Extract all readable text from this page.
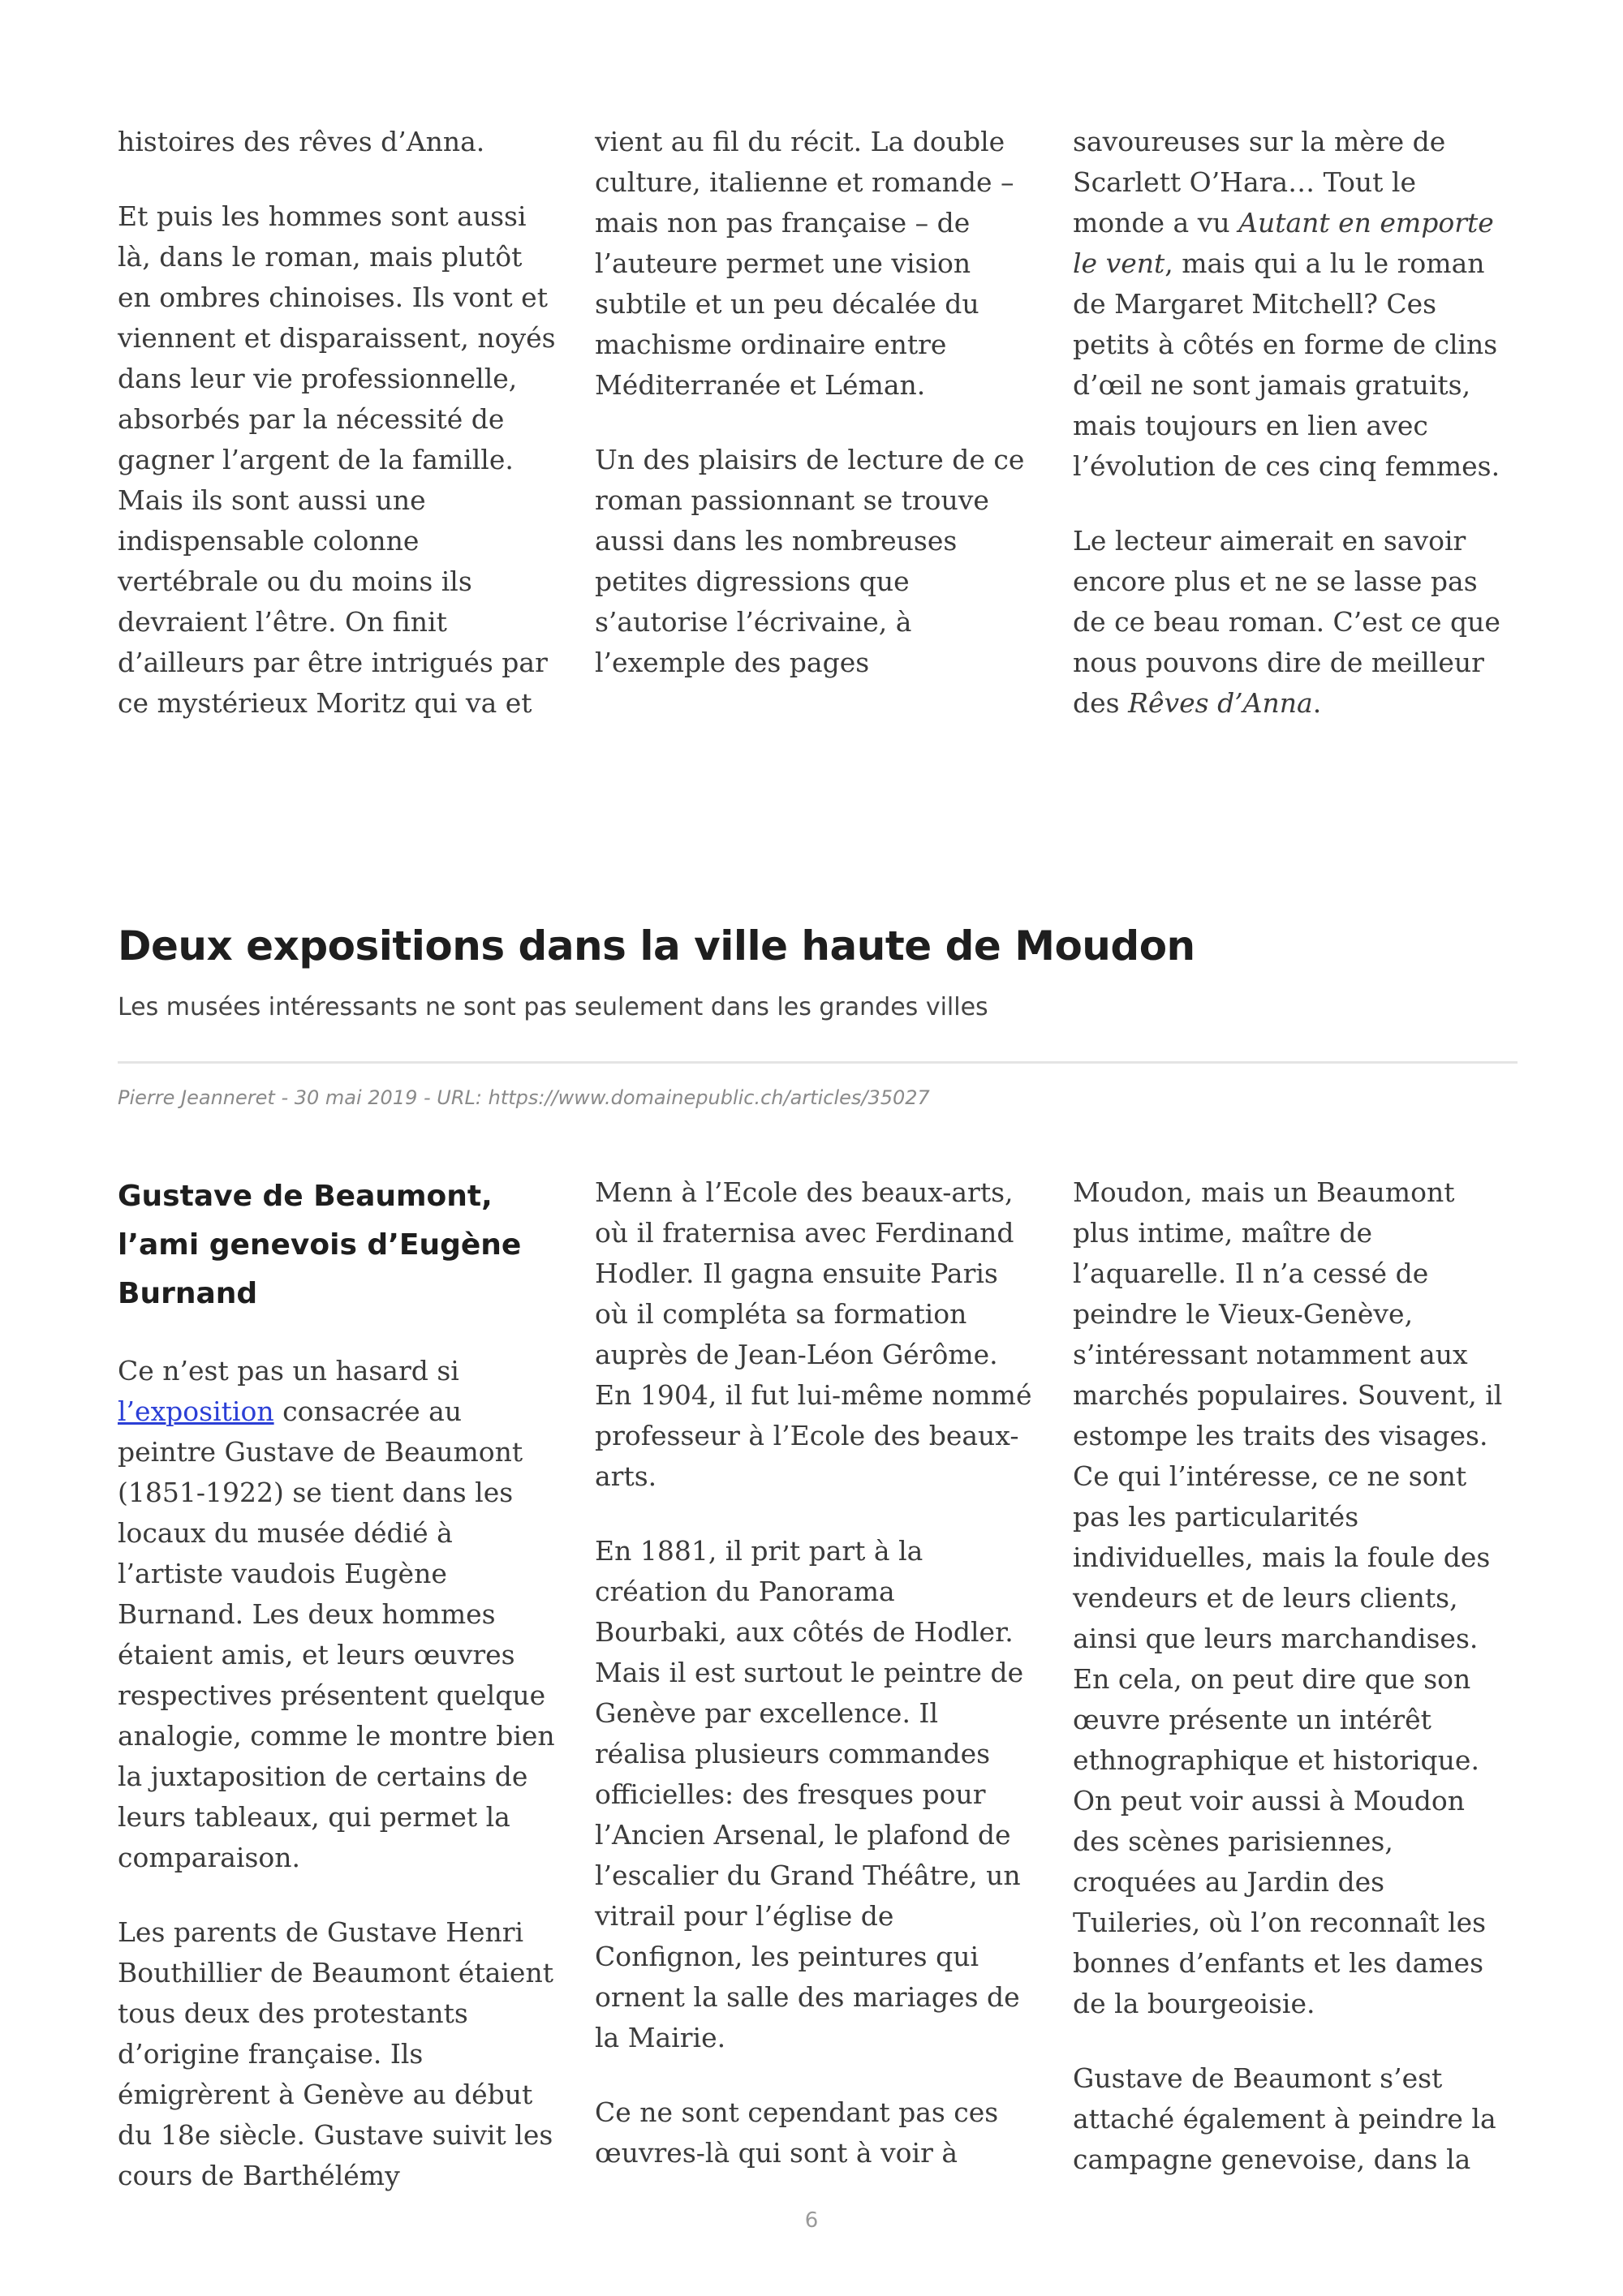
histoires des rêves d’Anna.

Et puis les hommes sont aussi là, dans le roman, mais plutôt en ombres chinoises. Ils vont et viennent et disparaissent, noyés dans leur vie professionnelle, absorbés par la nécessité de gagner l’argent de la famille. Mais ils sont aussi une indispensable colonne vertébrale ou du moins ils devraient l’être. On finit d’ailleurs par être intrigués par ce mystérieux Moritz qui va et

vient au fil du récit. La double culture, italienne et romande – mais non pas française – de l’auteure permet une vision subtile et un peu décalée du machisme ordinaire entre Méditerranée et Léman.

Un des plaisirs de lecture de ce roman passionnant se trouve aussi dans les nombreuses petites digressions que s’autorise l’écrivaine, à l’exemple des pages

savoureuses sur la mère de Scarlett O’Hara… Tout le monde a vu Autant en emporte le vent, mais qui a lu le roman de Margaret Mitchell? Ces petits à côtés en forme de clins d’œil ne sont jamais gratuits, mais toujours en lien avec l’évolution de ces cinq femmes.

Le lecteur aimerait en savoir encore plus et ne se lasse pas de ce beau roman. C’est ce que nous pouvons dire de meilleur des Rêves d’Anna.

Deux expositions dans la ville haute de Moudon

Les musées intéressants ne sont pas seulement dans les grandes villes

Pierre Jeanneret - 30 mai 2019 - URL: https://www.domainepublic.ch/articles/35027

Gustave de Beaumont, l’ami genevois d’Eugène Burnand

Ce n’est pas un hasard si l’exposition consacrée au peintre Gustave de Beaumont (1851-1922) se tient dans les locaux du musée dédié à l’artiste vaudois Eugène Burnand. Les deux hommes étaient amis, et leurs œuvres respectives présentent quelque analogie, comme le montre bien la juxtaposition de certains de leurs tableaux, qui permet la comparaison.

Les parents de Gustave Henri Bouthillier de Beaumont étaient tous deux des protestants d’origine française. Ils émigrèrent à Genève au début du 18e siècle. Gustave suivit les cours de Barthélémy

Menn à l’Ecole des beaux-arts, où il fraternisa avec Ferdinand Hodler. Il gagna ensuite Paris où il compléta sa formation auprès de Jean-Léon Gérôme. En 1904, il fut lui-même nommé professeur à l’Ecole des beaux-arts.

En 1881, il prit part à la création du Panorama Bourbaki, aux côtés de Hodler. Mais il est surtout le peintre de Genève par excellence. Il réalisa plusieurs commandes officielles: des fresques pour l’Ancien Arsenal, le plafond de l’escalier du Grand Théâtre, un vitrail pour l’église de Confignon, les peintures qui ornent la salle des mariages de la Mairie.

Ce ne sont cependant pas ces œuvres-là qui sont à voir à

Moudon, mais un Beaumont plus intime, maître de l’aquarelle. Il n’a cessé de peindre le Vieux-Genève, s’intéressant notamment aux marchés populaires. Souvent, il estompe les traits des visages. Ce qui l’intéresse, ce ne sont pas les particularités individuelles, mais la foule des vendeurs et de leurs clients, ainsi que leurs marchandises. En cela, on peut dire que son œuvre présente un intérêt ethnographique et historique. On peut voir aussi à Moudon des scènes parisiennes, croquées au Jardin des Tuileries, où l’on reconnaît les bonnes d’enfants et les dames de la bourgeoisie.

Gustave de Beaumont s’est attaché également à peindre la campagne genevoise, dans la

6
